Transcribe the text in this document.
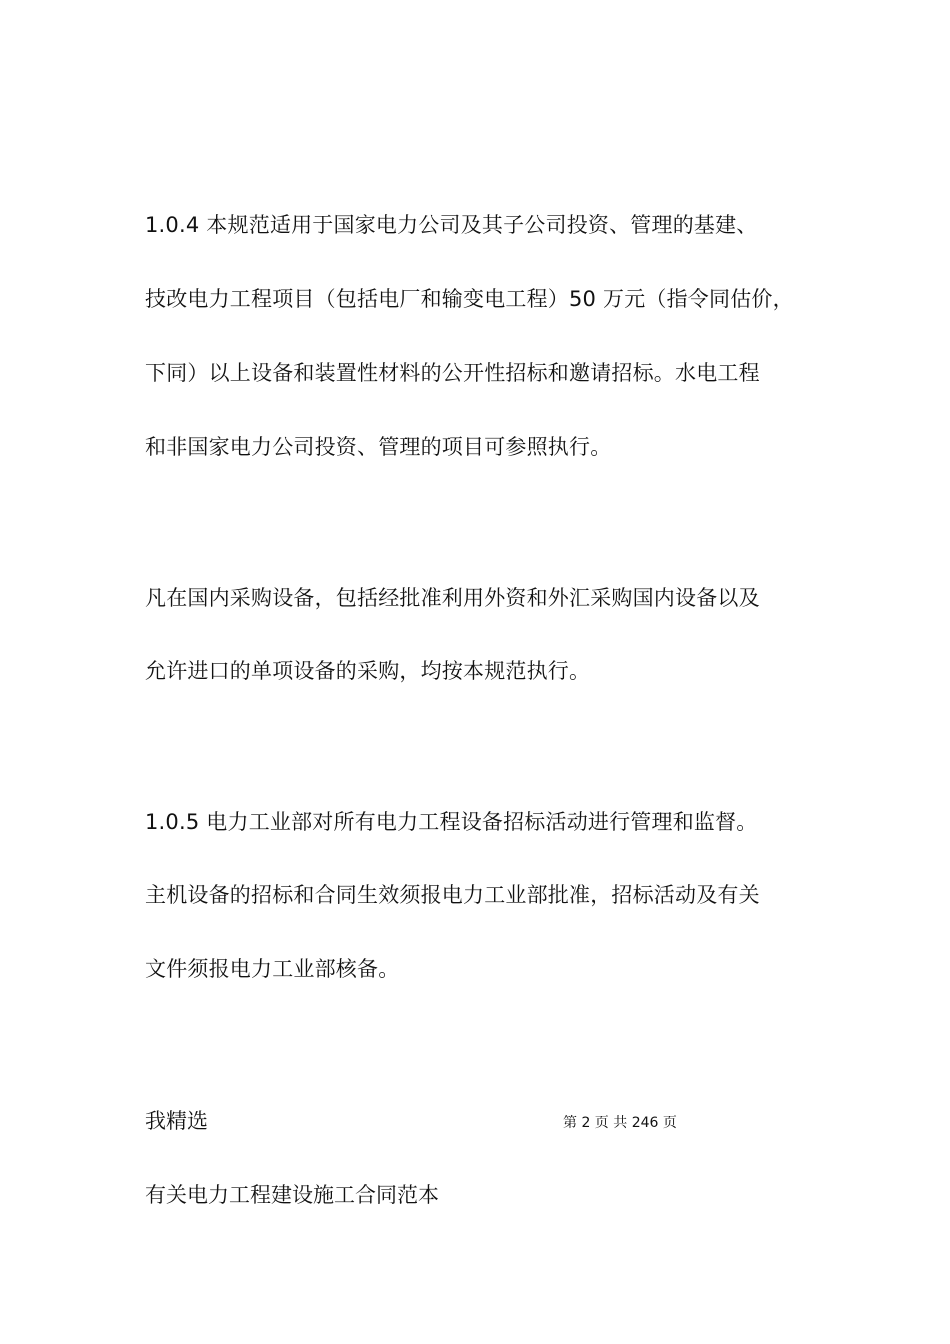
1.0.4 本规范适用于国家电力公司及其子公司投资、管理的基建、
技改电力工程项目（包括电厂和输变电工程）50 万元（指令同估价，
下同）以上设备和装置性材料的公开性招标和邀请招标。水电工程
和非国家电力公司投资、管理的项目可参照执行。
凡在国内采购设备，包括经批准利用外资和外汇采购国内设备以及
允许进口的单项设备的采购，均按本规范执行。
1.0.5 电力工业部对所有电力工程设备招标活动进行管理和监督。
主机设备的招标和合同生效须报电力工业部批准，招标活动及有关
文件须报电力工业部核备。
我精选	第 2 页 共 246 页
有关电力工程建设施工合同范本
